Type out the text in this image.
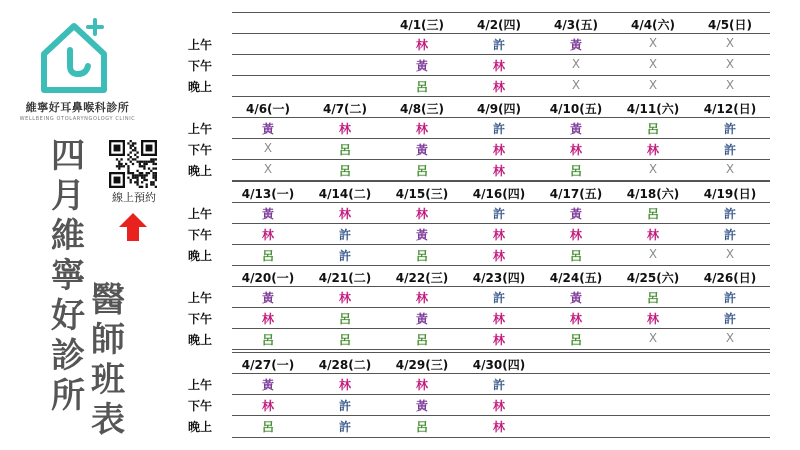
維寧好耳鼻喉科診所
WELLBEING OTOLARYNGOLOGY CLINIC
四
月
維
寧
好
診
所
醫
師
班
表
線上預約
4/1(三)	4/2(四)	4/3(五)	4/4(六)	4/5(日)
上午	林	許	黃	X	X
下午	黃	林	X	X	X
晚上	呂	林	X	X	X
4/6(一)	4/7(二)	4/8(三)	4/9(四)	4/10(五)	4/11(六)	4/12(日)
上午	黃	林	林	許	黃	呂	許
下午	X	呂	黃	林	林	林	許
晚上	X	呂	呂	林	呂	X	X
4/13(一)	4/14(二)	4/15(三)	4/16(四)	4/17(五)	4/18(六)	4/19(日)
上午	黃	林	林	許	黃	呂	許
下午	林	許	黃	林	林	林	許
晚上	呂	許	呂	林	呂	X	X
4/20(一)	4/21(二)	4/22(三)	4/23(四)	4/24(五)	4/25(六)	4/26(日)
上午	黃	林	林	許	黃	呂	許
下午	林	呂	黃	林	林	林	許
晚上	呂	呂	呂	林	呂	X	X
4/27(一)	4/28(二)	4/29(三)	4/30(四)
上午	黃	林	林	許
下午	林	許	黃	林
晚上	呂	許	呂	林
